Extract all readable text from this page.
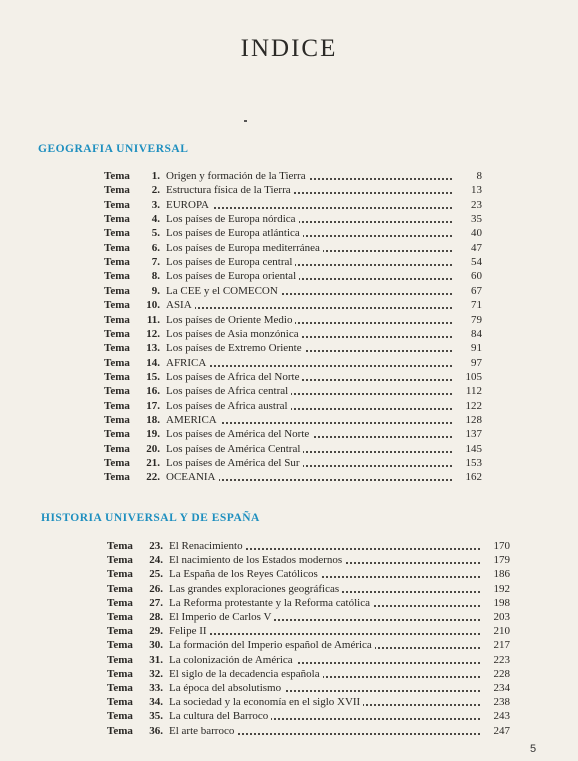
INDICE
GEOGRAFIA UNIVERSAL
Tema	1. Origen y formación de la Tierra	8
Tema	2. Estructura física de la Tierra	13
Tema	3. EUROPA	23
Tema	4. Los países de Europa nórdica	35
Tema	5. Los países de Europa atlántica	40
Tema	6. Los países de Europa mediterránea	47
Tema	7. Los países de Europa central	54
Tema	8. Los países de Europa oriental	60
Tema	9. La CEE y el COMECON	67
Tema	10. ASIA	71
Tema	11. Los países de Oriente Medio	79
Tema	12. Los países de Asia monzónica	84
Tema	13. Los países de Extremo Oriente	91
Tema	14. AFRICA	97
Tema	15. Los países de Africa del Norte	105
Tema	16. Los países de Africa central	112
Tema	17. Los países de Africa austral	122
Tema	18. AMERICA	128
Tema	19. Los países de América del Norte	137
Tema	20. Los países de América Central	145
Tema	21. Los países de América del Sur	153
Tema	22. OCEANIA	162
HISTORIA UNIVERSAL Y DE ESPAÑA
Tema	23. El Renacimiento	170
Tema	24. El nacimiento de los Estados modernos	179
Tema	25. La España de los Reyes Católicos	186
Tema	26. Las grandes exploraciones geográficas	192
Tema	27. La Reforma protestante y la Reforma católica	198
Tema	28. El Imperio de Carlos V	203
Tema	29. Felipe II	210
Tema	30. La formación del Imperio español de América	217
Tema	31. La colonización de América	223
Tema	32. El siglo de la decadencia española	228
Tema	33. La época del absolutismo	234
Tema	34. La sociedad y la economía en el siglo XVII	238
Tema	35. La cultura del Barroco	243
Tema	36. El arte barroco	247
5
